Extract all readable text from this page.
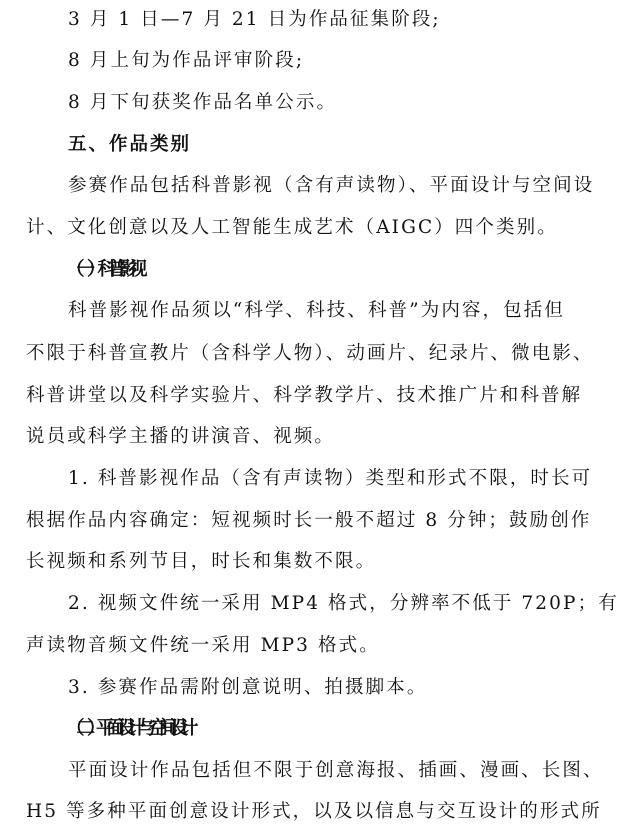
3 月 1 日—7 月 21 日为作品征集阶段;
8 月上旬为作品评审阶段;
8 月下旬获奖作品名单公示。
五、作品类别
参赛作品包括科普影视（含有声读物）、平面设计与空间设
计、文化创意以及人工智能生成艺术（AIGC）四个类别。
（一）科普影视
科普影视作品须以“科学、科技、科普”为内容，包括但
不限于科普宣教片（含科学人物）、动画片、纪录片、微电影、
科普讲堂以及科学实验片、科学教学片、技术推广片和科普解
说员或科学主播的讲演音、视频。
1. 科普影视作品（含有声读物）类型和形式不限，时长可
根据作品内容确定：短视频时长一般不超过 8 分钟；鼓励创作
长视频和系列节目，时长和集数不限。
2. 视频文件统一采用 MP4 格式，分辨率不低于 720P；有
声读物音频文件统一采用 MP3 格式。
3. 参赛作品需附创意说明、拍摄脚本。
（二） 平面设计与空间设计
平面设计作品包括但不限于创意海报、插画、漫画、长图、
H5 等多种平面创意设计形式，以及以信息与交互设计的形式所
